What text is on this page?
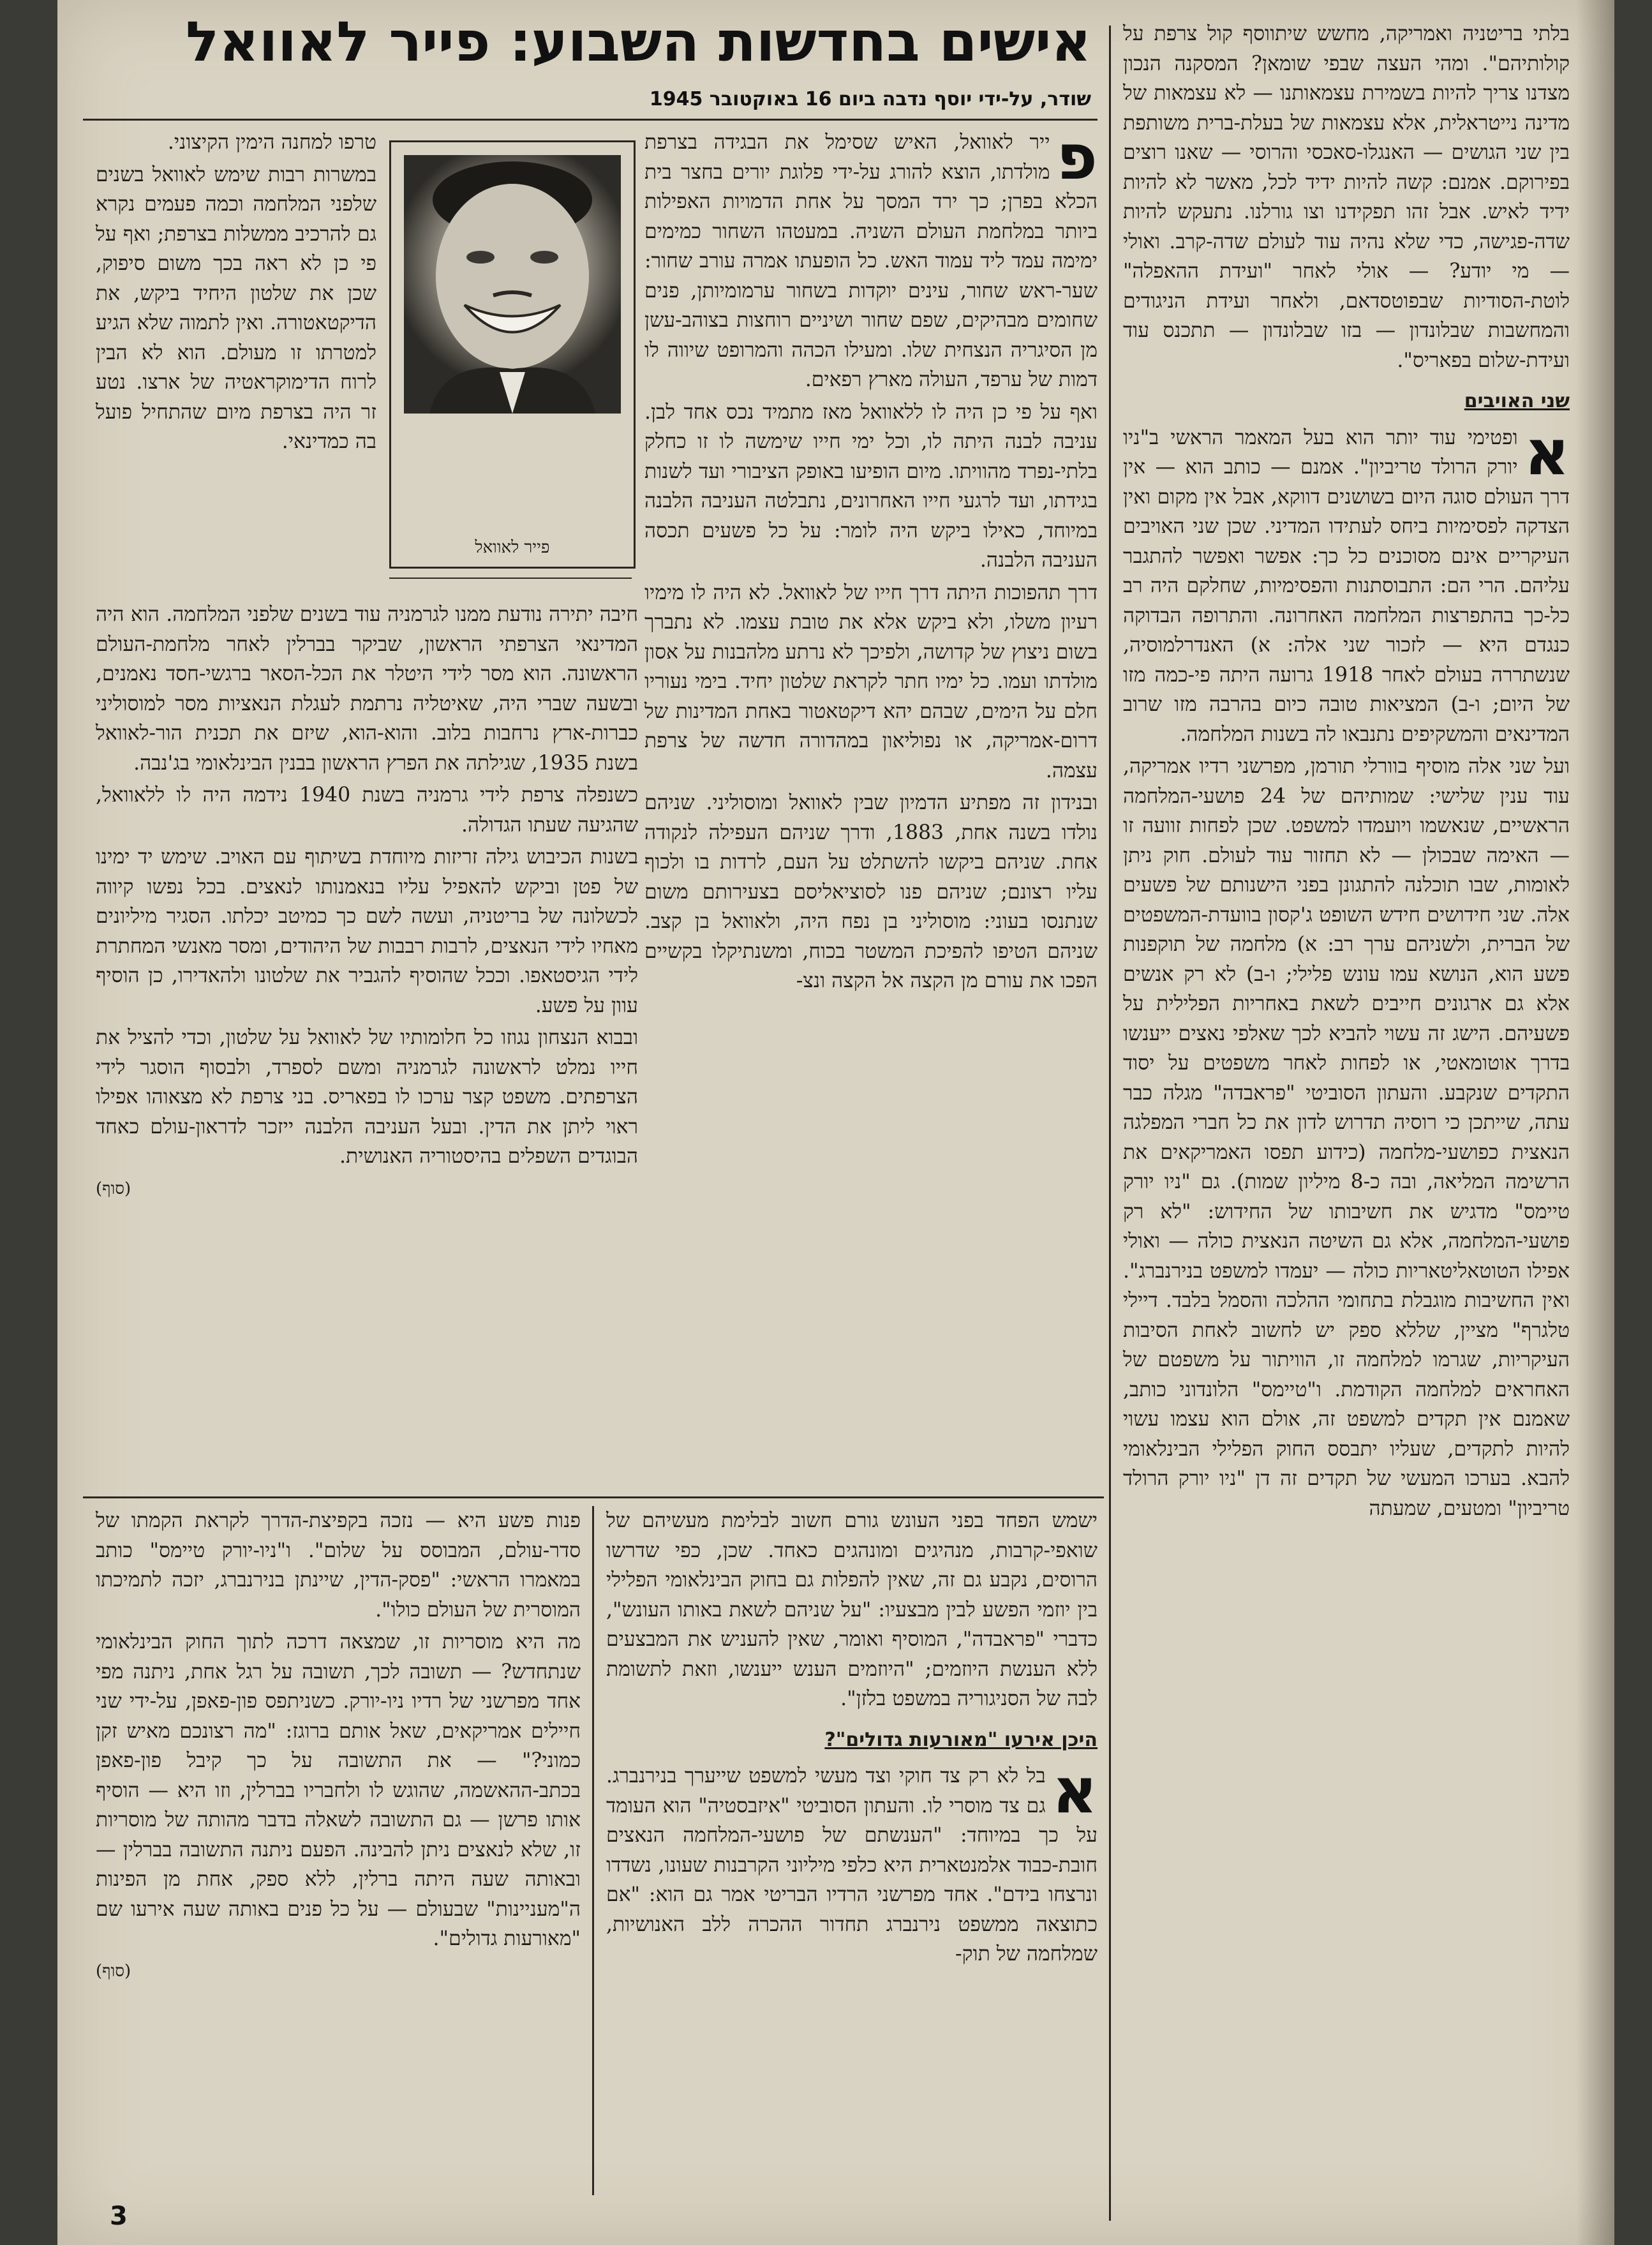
בלתי בריטניה ואמריקה, מחשש שיתווסף קול צרפת על קולותיהם". ומהי העצה שבפי שומאן? המסקנה הנכון מצדנו צריך להיות בשמירת עצמאותנו — לא עצמאות של מדינה נייטראלית, אלא עצמאות של בעלת-ברית משותפת בין שני הגושים — האנגלו-סאכסי והרוסי — שאנו רוצים בפירוקם. אמנם: קשה להיות ידיד לכל, מאשר לא להיות ידיד לאיש. אבל זהו תפקידנו וצו גורלנו. נתעקש להיות שדה-פגישה, כדי שלא נהיה עוד לעולם שדה-קרב. ואולי — מי יודע? — אולי לאחר "ועידת ההאפלה" לוטת-הסודיות שבפוטסדאם, ולאחר ועידת הניגודים והמחשבות שבלונדון — בזו שבלונדון — תתכנס עוד ועידת-שלום בפאריס".

שני האויבים
א

ופטימי עוד יותר הוא בעל המאמר הראשי ב"ניו יורק הרולד טריביון". אמנם — כותב הוא — אין דרך העולם סוגה היום בשושנים דווקא, אבל אין מקום ואין הצדקה לפסימיות ביחס לעתידו המדיני. שכן שני האויבים העיקריים אינם מסוכנים כל כך: אפשר ואפשר להתגבר עליהם. הרי הם: התבוסתנות והפסימיות, שחלקם היה רב כל-כך בהתפרצות המלחמה האחרונה. והתרופה הבדוקה כנגדם היא — לזכור שני אלה: א) האנדרלמוסיה, שנשתררה בעולם לאחר 1918 גרועה היתה פי-כמה מזו של היום; ו-ב) המציאות טובה כיום בהרבה מזו שרוב המדינאים והמשקיפים נתנבאו לה בשנות המלחמה.

ועל שני אלה מוסיף בוורלי תורמן, מפרשני רדיו אמריקה, עוד ענין שלישי: שמותיהם של 24 פושעי-המלחמה הראשיים, שנאשמו ויועמדו למשפט. שכן לפחות זוועה זו — האימה שבכולן — לא תחזור עוד לעולם. חוק ניתן לאומות, שבו תוכלנה להתגונן בפני הישנותם של פשעים אלה. שני חידושים חידש השופט ג'קסון בוועדת-המשפטים של הברית, ולשניהם ערך רב: א) מלחמה של תוקפנות פשע הוא, הנושא עמו עונש פלילי; ו-ב) לא רק אנשים אלא גם ארגונים חייבים לשאת באחריות הפלילית על פשעיהם. הישג זה עשוי להביא לכך שאלפי נאצים ייענשו בדרך אוטומאטי, או לפחות לאחר משפטים על יסוד התקדים שנקבע. והעתון הסוביטי "פראבדה" מגלה כבר עתה, שייתכן כי רוסיה תדרוש לדון את כל חברי המפלגה הנאצית כפושעי-מלחמה (כידוע תפסו האמריקאים את הרשימה המליאה, ובה כ-8 מיליון שמות). גם "ניו יורק טיימס" מדגיש את חשיבותו של החידוש: "לא רק פושעי-המלחמה, אלא גם השיטה הנאצית כולה — ואולי אפילו הטוטאליטאריות כולה — יעמדו למשפט בנירנברג". ואין החשיבות מוגבלת בתחומי ההלכה והסמל בלבד. דיילי טלגרף" מציין, שללא ספק יש לחשוב לאחת הסיבות העיקריות, שגרמו למלחמה זו, הוויתור על משפטם של האחראים למלחמה הקודמת. ו"טיימס" הלונדוני כותב, שאמנם אין תקדים למשפט זה, אולם הוא עצמו עשוי להיות לתקדים, שעליו יתבסס החוק הפלילי הבינלאומי להבא. בערכו המעשי של תקדים זה דן "ניו יורק הרולד טריביון" ומטעים, שמעתה

אישים בחדשות השבוע: פייר לאוואל
שודר, על-ידי יוסף נדבה ביום 16 באוקטובר 1945
פ

ייר לאוואל, האיש שסימל את הבגידה בצרפת מולדתו, הוצא להורג על-ידי פלוגת יורים בחצר בית הכלא בפרן; כך ירד המסך על אחת הדמויות האפילות ביותר במלחמת העולם השניה. במעטהו השחור כמימים ימימה עמד ליד עמוד האש. כל הופעתו אמרה עורב שחור: שער-ראש שחור, עינים יוקדות בשחור ערמומיותן, פנים שחומים מבהיקים, שפם שחור ושיניים רוחצות בצוהב-עשן מן הסיגריה הנצחית שלו. ומעילו הכהה והמרופט שיווה לו דמות של ערפד, העולה מארץ רפאים.

ואף על פי כן היה לו ללאוואל מאז מתמיד נכס אחד לבן. עניבה לבנה היתה לו, וכל ימי חייו שימשה לו זו כחלק בלתי-נפרד מהוויתו. מיום הופיעו באופק הציבורי ועד לשנות בגידתו, ועד לרגעי חייו האחרונים, נתבלטה העניבה הלבנה במיוחד, כאילו ביקש היה לומר: על כל פשעים תכסה העניבה הלבנה.

דרך תהפוכות היתה דרך חייו של לאוואל. לא היה לו מימיו רעיון משלו, ולא ביקש אלא את טובת עצמו. לא נתברך בשום ניצוץ של קדושה, ולפיכך לא נרתע מלהבנות על אסון מולדתו ועמו. כל ימיו חתר לקראת שלטון יחיד. בימי נעוריו חלם על הימים, שבהם יהא דיקטאטור באחת המדינות של דרום-אמריקה, או נפוליאון במהדורה חדשה של צרפת עצמה.

ובנידון זה מפתיע הדמיון שבין לאוואל ומוסוליני. שניהם נולדו בשנה אחת, 1883, ודרך שניהם העפילה לנקודה אחת. שניהם ביקשו להשתלט על העם, לרדות בו ולכוף עליו רצונם; שניהם פנו לסוציאליסם בצעירותם משום שנתנסו בעוני: מוסוליני בן נפח היה, ולאוואל בן קצב. שניהם הטיפו להפיכת המשטר בכוח, ומשנתיקלו בקשיים הפכו את עורם מן הקצה אל הקצה ונצ-

פייר לאוואל

טרפו למחנה הימין הקיצוני.

במשרות רבות שימש לאוואל בשנים שלפני המלחמה וכמה פעמים נקרא גם להרכיב ממשלות בצרפת; ואף על פי כן לא ראה בכך משום סיפוק, שכן את שלטון היחיד ביקש, את הדיקטאטורה. ואין לתמוה שלא הגיע למטרתו זו מעולם. הוא לא הבין לרוח הדימוקראטיה של ארצו. נטע זר היה בצרפת מיום שהתחיל פועל בה כמדינאי.

חיבה יתירה נודעת ממנו לגרמניה עוד בשנים שלפני המלחמה. הוא היה המדינאי הצרפתי הראשון, שביקר בברלין לאחר מלחמת-העולם הראשונה. הוא מסר לידי היטלר את הכל-הסאר ברגשי-חסד נאמנים, ובשעה שברי היה, שאיטליה נרתמת לעגלת הנאציות מסר למוסוליני כברות-ארץ נרחבות בלוב. והוא-הוא, שיזם את תכנית הור-לאוואל בשנת 1935, שגילתה את הפרץ הראשון בבנין הבינלאומי בג'נבה.

כשנפלה צרפת לידי גרמניה בשנת 1940 נידמה היה לו ללאוואל, שהגיעה שעתו הגדולה.

בשנות הכיבוש גילה זריזות מיוחדת בשיתוף עם האויב. שימש יד ימינו של פטן וביקש להאפיל עליו בנאמנותו לנאצים. בכל נפשו קיווה לכשלונה של בריטניה, ועשה לשם כך כמיטב יכלתו. הסגיר מיליונים מאחיו לידי הנאצים, לרבות רבבות של היהודים, ומסר מאנשי המחתרת לידי הגיסטאפו. וככל שהוסיף להגביר את שלטונו ולהאדירו, כן הוסיף עוון על פשע.

ובבוא הנצחון נגוזו כל חלומותיו של לאוואל על שלטון, וכדי להציל את חייו נמלט לראשונה לגרמניה ומשם לספרד, ולבסוף הוסגר לידי הצרפתים. משפט קצר ערכו לו בפאריס. בני צרפת לא מצאוהו אפילו ראוי ליתן את הדין. ובעל העניבה הלבנה ייזכר לדראון-עולם כאחד הבוגדים השפלים בהיסטוריה האנושית.

(סוף)

ישמש הפחד בפני העונש גורם חשוב לבלימת מעשיהם של שואפי-קרבות, מנהיגים ומונהגים כאחד. שכן, כפי שדרשו הרוסים, נקבע גם זה, שאין להפלות גם בחוק הבינלאומי הפלילי בין יוזמי הפשע לבין מבצעיו: "על שניהם לשאת באותו העונש", כדברי "פראבדה", המוסיף ואומר, שאין להעניש את המבצעים ללא הענשת היוזמים; "היוזמים הענש ייענשו, וזאת לתשומת לבה של הסניגוריה במשפט בלזן".

היכן אירעו "מאורעות גדולים"?
א

בל לא רק צד חוקי וצד מעשי למשפט שייערך בנירנברג. גם צד מוסרי לו. והעתון הסוביטי "איזבסטיה" הוא העומד על כך במיוחד: "הענשתם של פושעי-המלחמה הנאצים חובת-כבוד אלמנטארית היא כלפי מיליוני הקרבנות שעונו, נשדדו ונרצחו בידם". אחד מפרשני הרדיו הבריטי אמר גם הוא: "אם כתוצאה ממשפט נירנברג תחדור ההכרה ללב האנושיות, שמלחמה של תוק-

פנות פשע היא — נזכה בקפיצת-הדרך לקראת הקמתו של סדר-עולם, המבוסס על שלום". ו"ניו-יורק טיימס" כותב במאמרו הראשי: "פסק-הדין, שיינתן בנירנברג, יזכה לתמיכתו המוסרית של העולם כולו".

מה היא מוסריות זו, שמצאה דרכה לתוך החוק הבינלאומי שנתחדש? — תשובה לכך, תשובה על רגל אחת, ניתנה מפי אחד מפרשני של רדיו ניו-יורק. כשניתפס פון-פאפן, על-ידי שני חיילים אמריקאים, שאל אותם ברוגז: "מה רצונכם מאיש זקן כמוני?" — את התשובה על כך קיבל פון-פאפן בכתב-ההאשמה, שהוגש לו ולחבריו בברלין, וזו היא — הוסיף אותו פרשן — גם התשובה לשאלה בדבר מהותה של מוסריות זו, שלא לנאצים ניתן להבינה. הפעם ניתנה התשובה בברלין — ובאותה שעה היתה ברלין, ללא ספק, אחת מן הפינות ה"מעניינות" שבעולם — על כל פנים באותה שעה אירעו שם "מאורעות גדולים".

(סוף)
3
